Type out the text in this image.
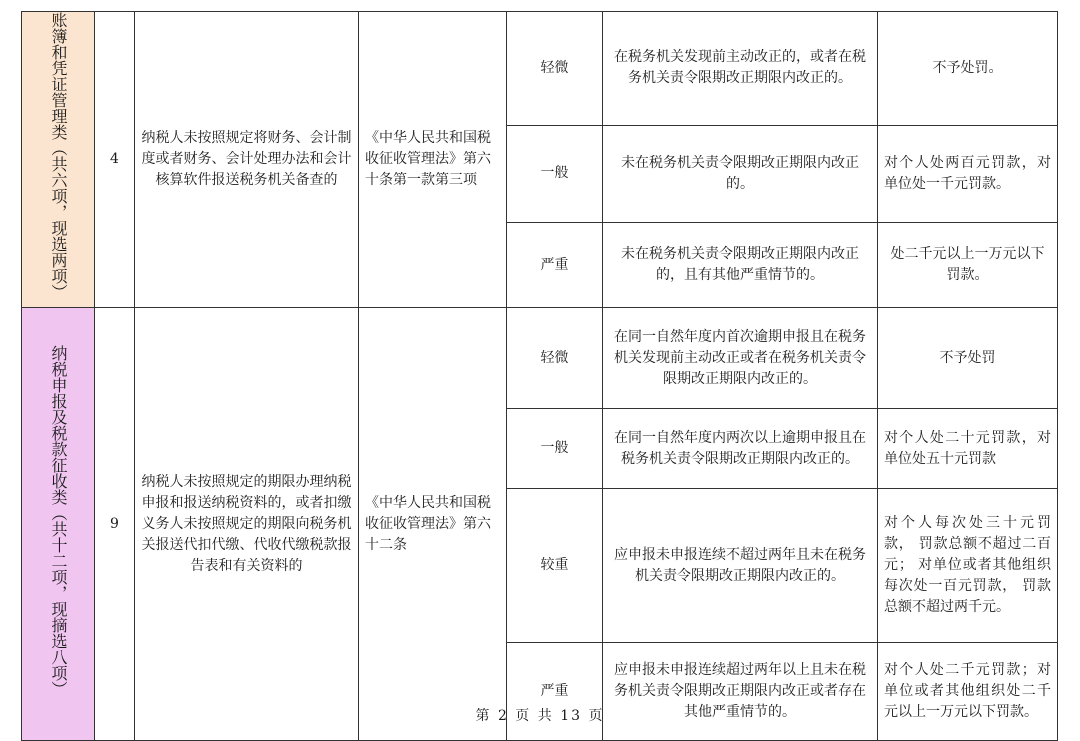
账簿和凭证管理类（共六项，现选两项）	4	纳税人未按照规定将财务、会计制度或者财务、会计处理办法和会计核算软件报送税务机关备查的	《中华人民共和国税收征收管理法》第六十条第一款第三项	轻微	在税务机关发现前主动改正的，或者在税务机关责令限期改正期限内改正的。	不予处罚。
				一般	未在税务机关责令限期改正期限内改正的。	对个人处两百元罚款，对单位处一千元罚款。
				严重	未在税务机关责令限期改正期限内改正的，且有其他严重情节的。	处二千元以上一万元以下罚款。
纳税申报及税款征收类（共十二项，现摘选八项）	9	纳税人未按照规定的期限办理纳税申报和报送纳税资料的，或者扣缴义务人未按照规定的期限向税务机关报送代扣代缴、代收代缴税款报告表和有关资料的	《中华人民共和国税收征收管理法》第六十二条	轻微	在同一自然年度内首次逾期申报且在税务机关发现前主动改正或者在税务机关责令限期改正期限内改正的。	不予处罚
				一般	在同一自然年度内两次以上逾期申报且在税务机关责令限期改正期限内改正的。	对个人处二十元罚款，对单位处五十元罚款
				较重	应申报未申报连续不超过两年且未在税务机关责令限期改正期限内改正的。	对个人每次处三十元罚款， 罚款总额不超过二百元； 对单位或者其他组织每次处一百元罚款， 罚款总额不超过两千元。
				严重	应申报未申报连续超过两年以上且未在税务机关责令限期改正期限内改正或者存在其他严重情节的。	对个人处二千元罚款；对单位或者其他组织处二千元以上一万元以下罚款。
第 2 页 共 13 页
